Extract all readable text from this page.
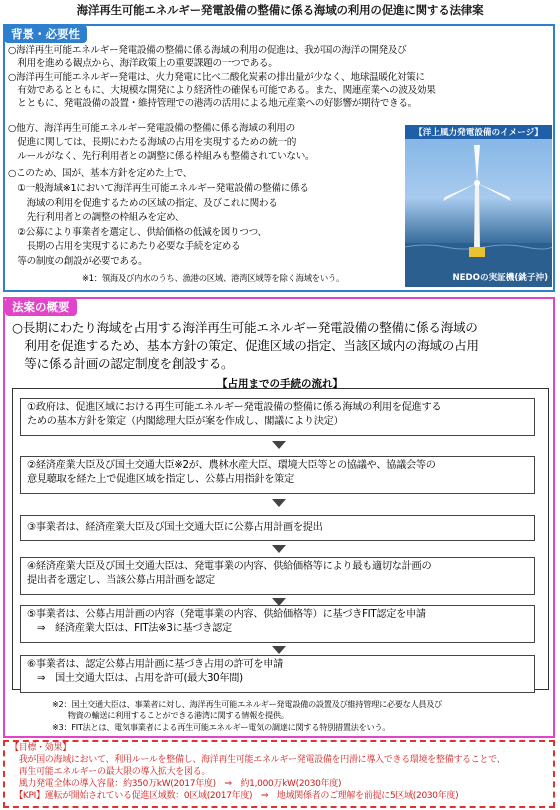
海洋再生可能エネルギー発電設備の整備に係る海域の利用の促進に関する法律案
背景・必要性
○海洋再生可能エネルギー発電設備の整備に係る海域の利用の促進は、我が国の海洋の開発及び
　利用を進める観点から、海洋政策上の重要課題の一つである。
○海洋再生可能エネルギー発電は、火力発電に比べ二酸化炭素の排出量が少なく、地球温暖化対策に
　有効であるとともに、大規模な開発により経済性の確保も可能である。また、関連産業への波及効果
　とともに、発電設備の設置・維持管理での港湾の活用による地元産業への好影響が期待できる。
○他方、海洋再生可能エネルギー発電設備の整備に係る海域の利用の
　促進に関しては、長期にわたる海域の占用を実現するための統一的
　ルールがなく、先行利用者との調整に係る枠組みも整備されていない。
○このため、国が、基本方針を定めた上で、
　①一般海域※1において海洋再生可能エネルギー発電設備の整備に係る
　　海域の利用を促進するための区域の指定、及びこれに関わる
　　先行利用者との調整の枠組みを定め、
　②公募により事業者を選定し、供給価格の低減を図りつつ、
　　長期の占用を実現するにあたり必要な手続を定める
　等の制度の創設が必要である。
※1：領海及び内水のうち、漁港の区域、港湾区域等を除く海域をいう。
【洋上風力発電設備のイメージ】
NEDOの実証機(銚子沖)
法案の概要
○長期にわたり海域を占用する海洋再生可能エネルギー発電設備の整備に係る海域の
　利用を促進するため、基本方針の策定、促進区域の指定、当該区域内の海域の占用
　等に係る計画の認定制度を創設する。
【占用までの手続の流れ】
①政府は、促進区域における再生可能エネルギー発電設備の整備に係る海域の利用を促進する
ための基本方針を策定（内閣総理大臣が案を作成し、閣議により決定）
②経済産業大臣及び国土交通大臣※2が、農林水産大臣、環境大臣等との協議や、協議会等の
意見聴取を経た上で促進区域を指定し、公募占用指針を策定
③事業者は、経済産業大臣及び国土交通大臣に公募占用計画を提出
④経済産業大臣及び国土交通大臣は、発電事業の内容、供給価格等により最も適切な計画の
提出者を選定し、当該公募占用計画を認定
⑤事業者は、公募占用計画の内容（発電事業の内容、供給価格等）に基づきFIT認定を申請
　⇒　経済産業大臣は、FIT法※3に基づき認定
⑥事業者は、認定公募占用計画に基づき占用の許可を申請
　⇒　国土交通大臣は、占用を許可(最大30年間)
※2：国土交通大臣は、事業者に対し、海洋再生可能エネルギー発電設備の設置及び維持管理に必要な人員及び
　　物資の輸送に利用することができる港湾に関する情報を提供。
※3：FIT法とは、電気事業者による再生可能エネルギー電気の調達に関する特別措置法をいう。
【目標・効果】
　我が国の海域において、利用ルールを整備し、海洋再生可能エネルギー発電設備を円滑に導入できる環境を整備することで、
　再生可能エネルギーの最大限の導入拡大を図る。
　風力発電全体の導入容量：約350万kW(2017年度)　⇒　約1,000万kW(2030年度)
　【KPI】運転が開始されている促進区域数：0区域(2017年度)　⇒　地域関係者のご理解を前提に5区域(2030年度)
